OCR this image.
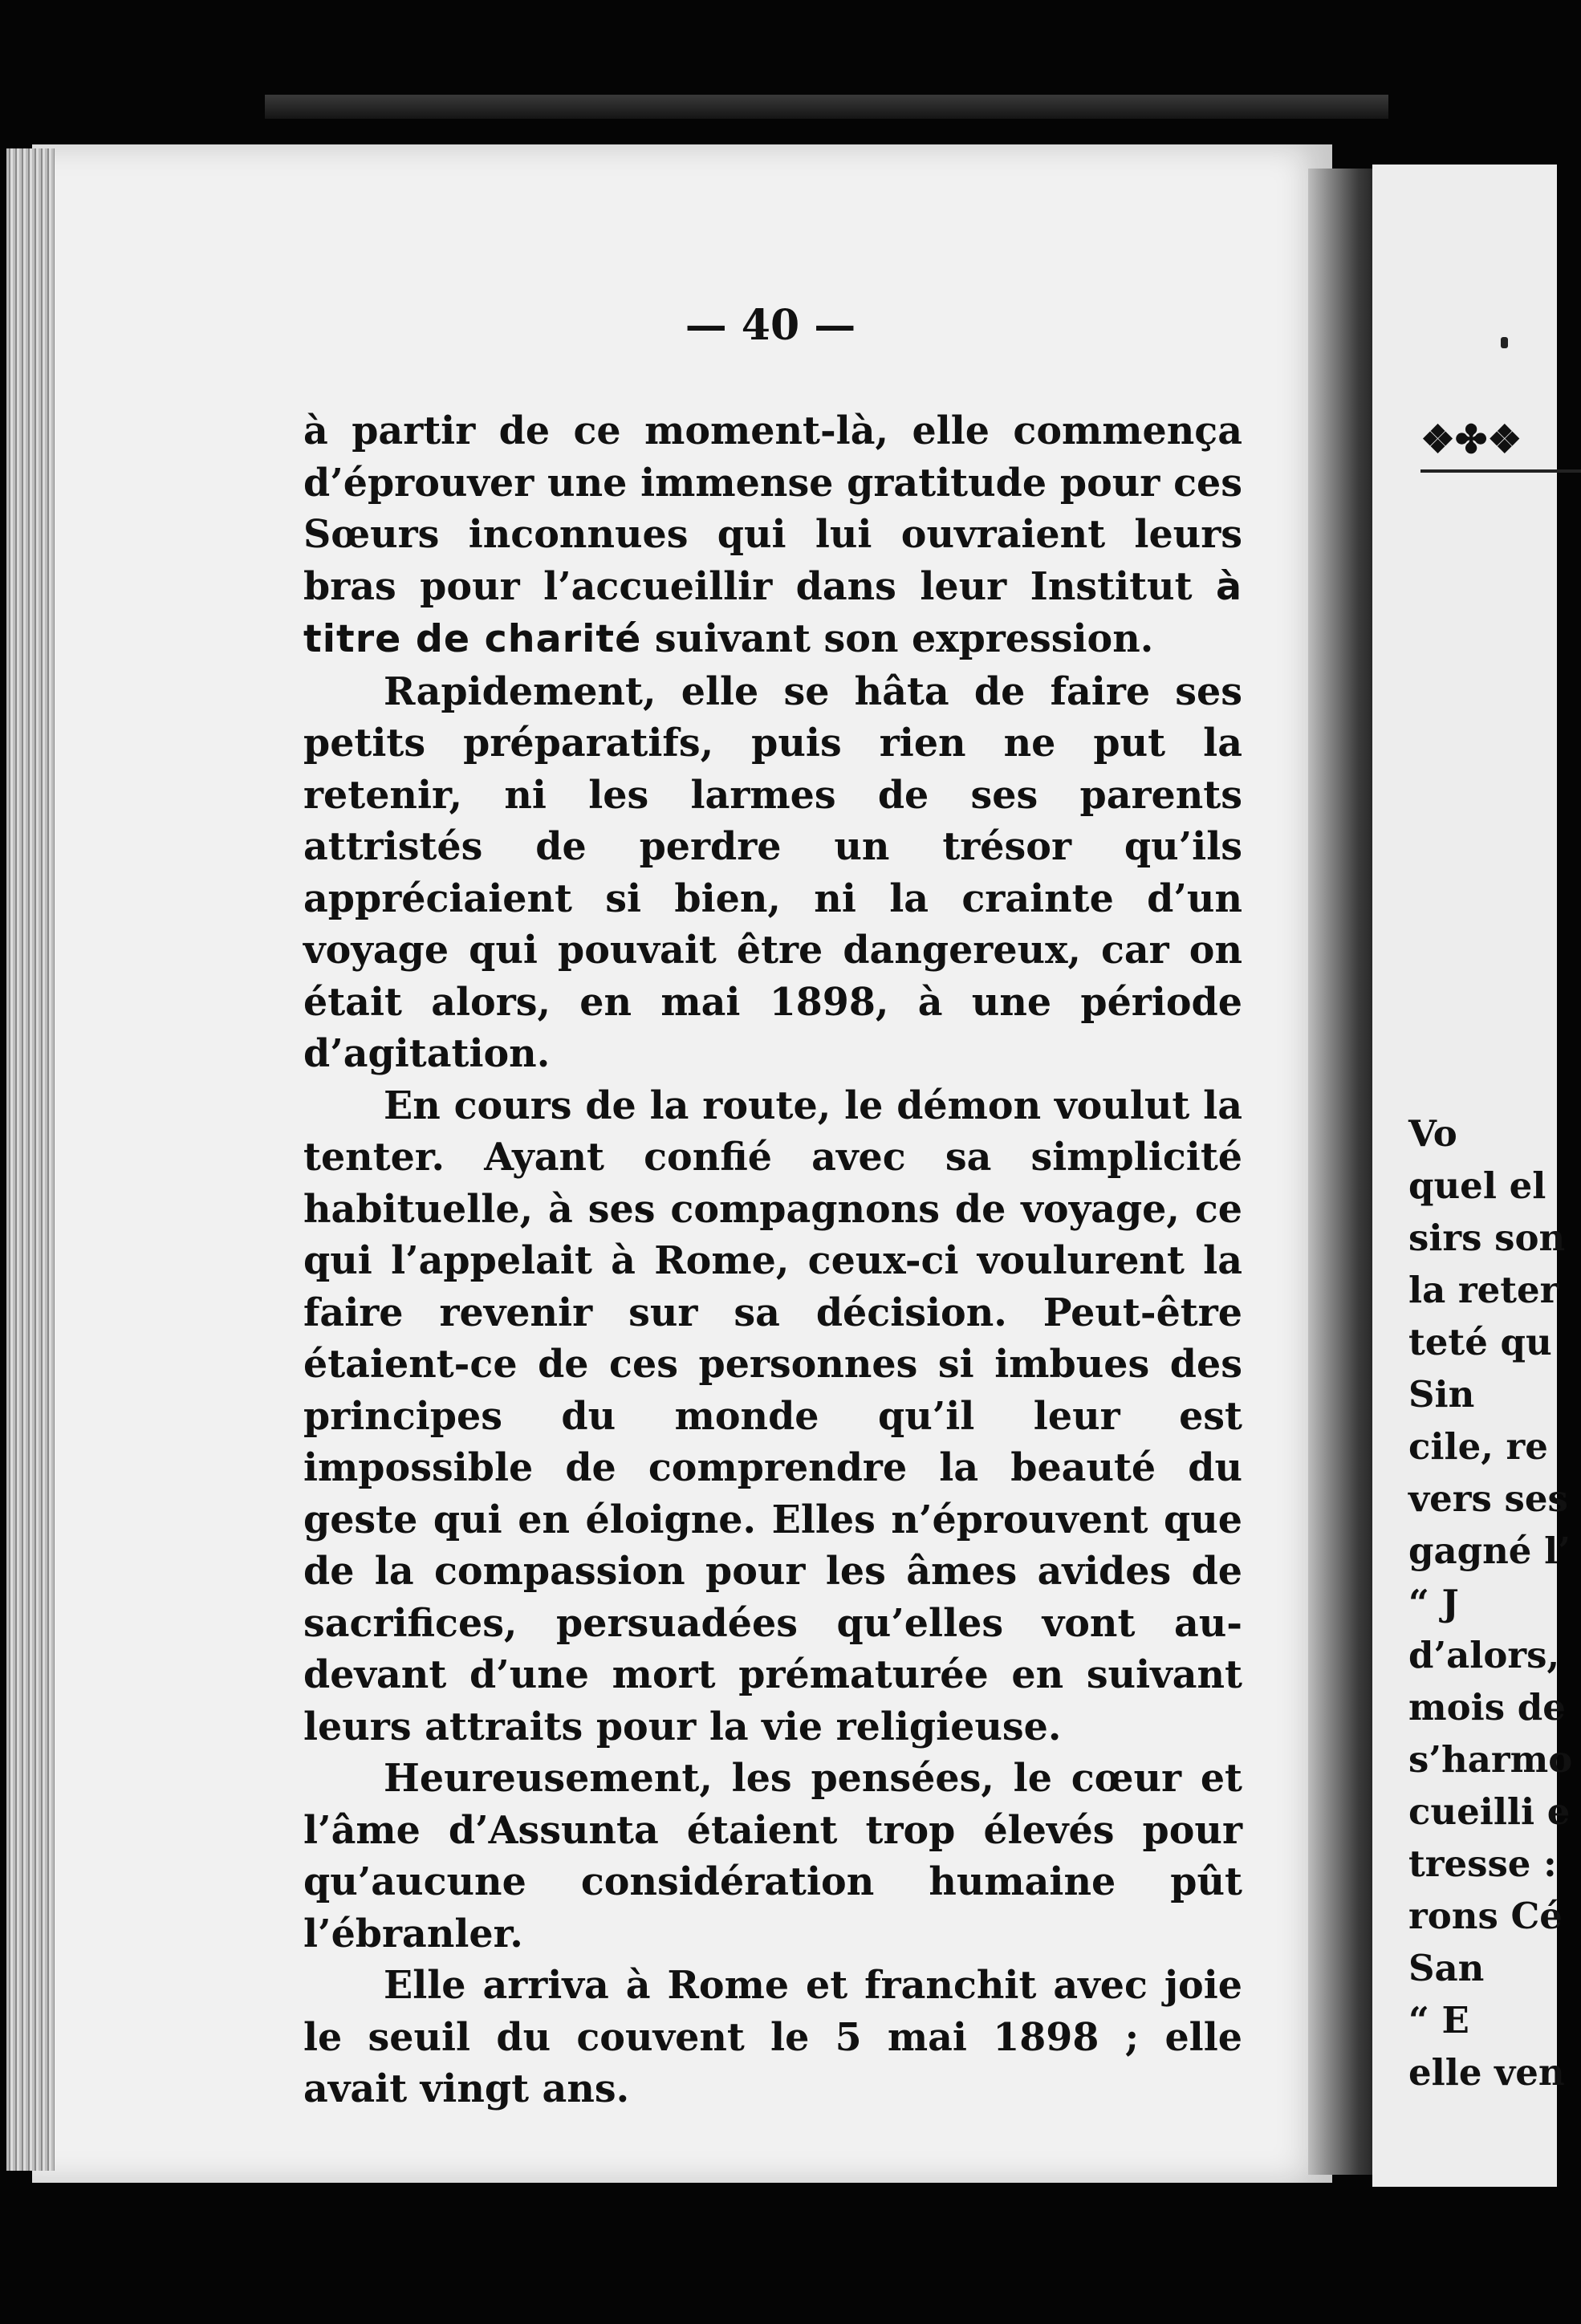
— 40 —

à partir de ce moment-là, elle commença d’éprouver une immense gratitude pour ces Sœurs inconnues qui lui ouvraient leurs bras pour l’accueillir dans leur Institut à titre de charité suivant son expression.

Rapidement, elle se hâta de faire ses petits préparatifs, puis rien ne put la retenir, ni les larmes de ses parents attristés de perdre un trésor qu’ils appréciaient si bien, ni la crainte d’un voyage qui pouvait être dangereux, car on était alors, en mai 1898, à une période d’agitation.

En cours de la route, le démon voulut la tenter. Ayant confié avec sa simplicité habituelle, à ses compagnons de voyage, ce qui l’appelait à Rome, ceux-ci voulurent la faire revenir sur sa décision. Peut-être étaient-ce de ces personnes si imbues des principes du monde qu’il leur est impossible de comprendre la beauté du geste qui en éloigne. Elles n’éprouvent que de la compassion pour les âmes avides de sacrifices, persuadées qu’elles vont au-devant d’une mort prématurée en suivant leurs attraits pour la vie religieuse.

Heureusement, les pensées, le cœur et l’âme d’Assunta étaient trop élevés pour qu’aucune considération humaine pût l’ébranler.

Elle arriva à Rome et franchit avec joie le seuil du couvent le 5 mai 1898 ; elle avait vingt ans.

❖✤❖
Vo
quel el
sirs son
la reter
teté qu
Sin
cile, re
vers ses
gagné l’
“ J
d’alors,
mois de
s’harmo
cueilli e
tresse :
rons Cé
San
“ E
elle ven
